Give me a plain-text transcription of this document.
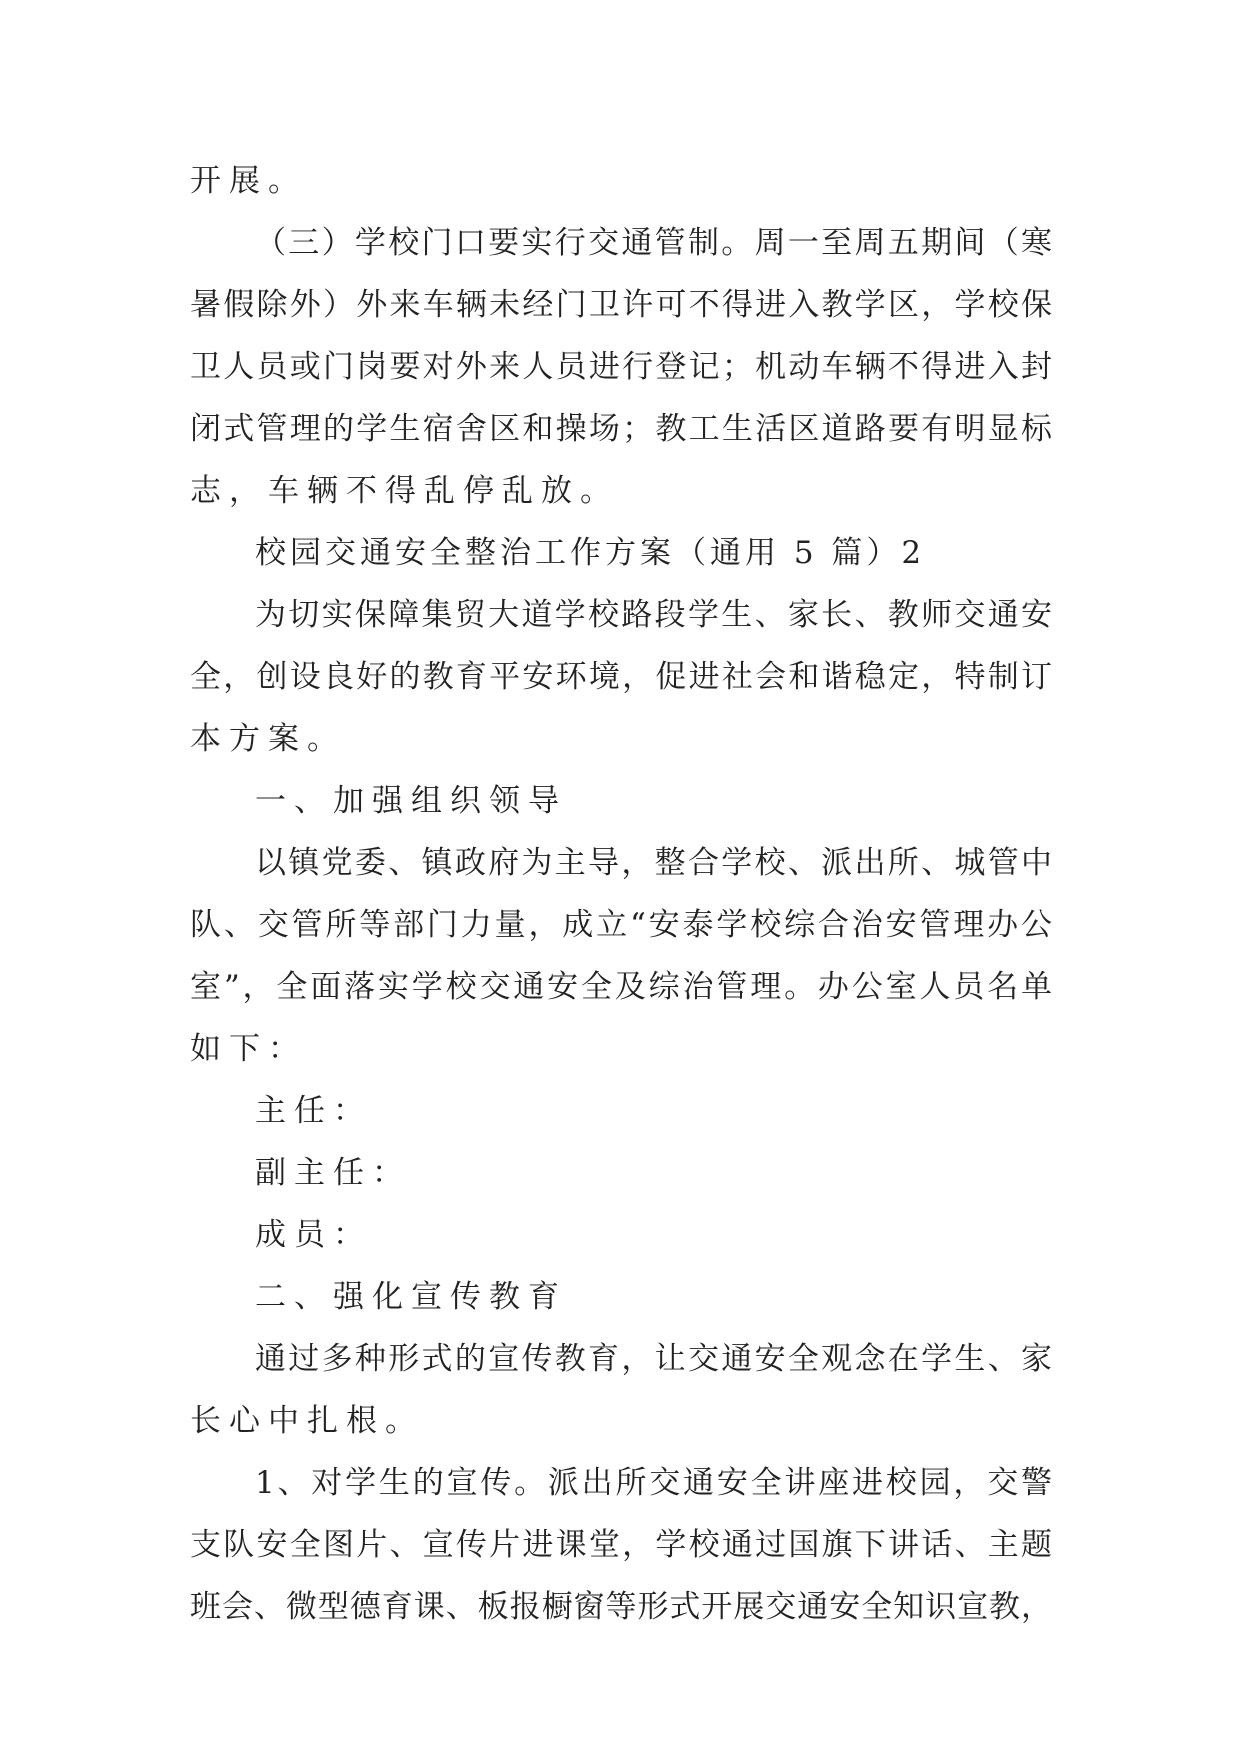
开展。
（三）学校门口要实行交通管制。周一至周五期间（寒
暑假除外）外来车辆未经门卫许可不得进入教学区，学校保
卫人员或门岗要对外来人员进行登记；机动车辆不得进入封
闭式管理的学生宿舍区和操场；教工生活区道路要有明显标
志，车辆不得乱停乱放。
校园交通安全整治工作方案（通用 5 篇）2
为切实保障集贸大道学校路段学生、家长、教师交通安
全，创设良好的教育平安环境，促进社会和谐稳定，特制订
本方案。
一、加强组织领导
以镇党委、镇政府为主导，整合学校、派出所、城管中
队、交管所等部门力量，成立“安泰学校综合治安管理办公
室”，全面落实学校交通安全及综治管理。办公室人员名单
如下：
主任：
副主任：
成员：
二、强化宣传教育
通过多种形式的宣传教育，让交通安全观念在学生、家
长心中扎根。
1、对学生的宣传。派出所交通安全讲座进校园，交警
支队安全图片、宣传片进课堂，学校通过国旗下讲话、主题
班会、微型德育课、板报橱窗等形式开展交通安全知识宣教，
